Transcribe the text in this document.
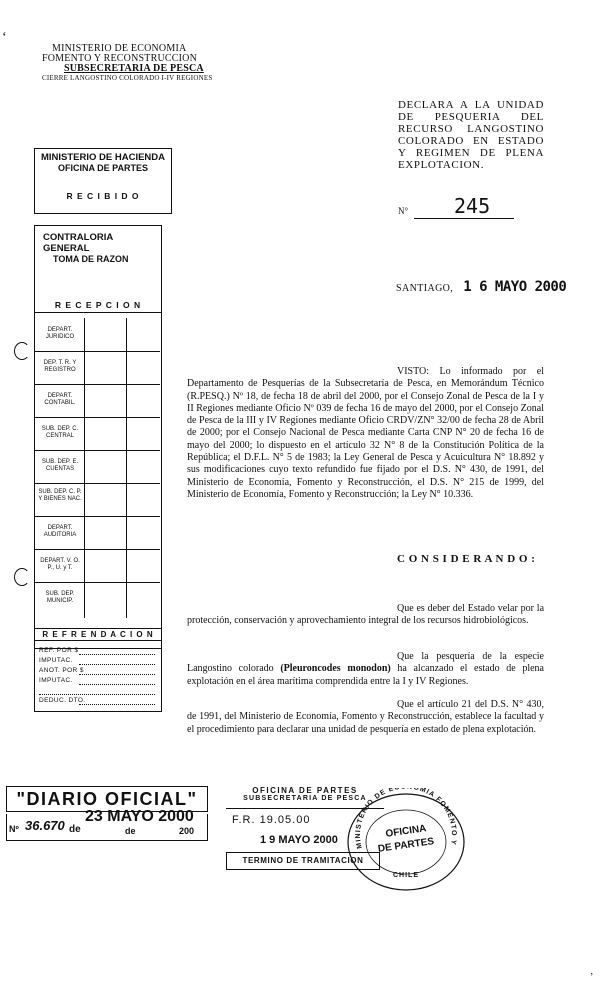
‘
MINISTERIO DE ECONOMIA
FOMENTO Y RECONSTRUCCION
SUBSECRETARIA DE PESCA
CIERRE LANGOSTINO COLORADO I-IV REGIONES
DECLARA A LA UNIDAD DE PESQUERIA DEL RECURSO LANGOSTINO COLORADO EN ESTADO Y REGIMEN DE PLENA EXPLOTACION.
N° 245
SANTIAGO, 1 6 MAYO 2000
MINISTERIO DE HACIENDA
OFICINA DE PARTES
R E C I B I D O
CONTRALORIA GENERAL
TOMA DE RAZON
R E C E P C I O N
DEPART. JURIDICO
DEP. T. R. Y REGISTRO
DEPART. CONTABIL.
SUB. DEP. C. CENTRAL
SUB. DEP. E. CUENTAS
SUB. DEP. C. P. Y BIENES NAC.
DEPART. AUDITORIA
DEPART. V. O. P., U. y T.
SUB. DEP. MUNICIP.
R E F R E N D A C I O N
REF. POR $
IMPUTAC.
ANOT. POR $
IMPUTAC.
DEDUC. DTO.
VISTO: Lo informado por el Departamento de Pesquerías de la Subsecretaría de Pesca, en Memorándum Técnico (R.PESQ.) Nº 18, de fecha 18 de abril del 2000, por el Consejo Zonal de Pesca de la I y II Regiones mediante Oficio Nº 039 de fecha 16 de mayo del 2000, por el Consejo Zonal de Pesca de la III y IV Regiones mediante Oficio CRDV/ZN° 32/00 de fecha 28 de Abril de 2000; por el Consejo Nacional de Pesca mediante Carta CNP N° 20 de fecha 16 de mayo del 2000; lo dispuesto en el artículo 32 N° 8 de la Constitución Política de la República; el D.F.L. N° 5 de 1983; la Ley General de Pesca y Acuicultura N° 18.892 y sus modificaciones cuyo texto refundido fue fijado por el D.S. N° 430, de 1991, del Ministerio de Economía, Fomento y Reconstrucción, el D.S. N° 215 de 1999, del Ministerio de Economía, Fomento y Reconstrucción; la Ley N° 10.336.
C O N S I D E R A N D O :
Que es deber del Estado velar por la protección, conservación y aprovechamiento integral de los recursos hidrobiológicos.
Que la pesquería de la especie Langostino colorado (Pleuroncodes monodon) ha alcanzado el estado de plena explotación en el área marítima comprendida entre la I y IV Regiones.
Que el artículo 21 del D.S. N° 430, de 1991, del Ministerio de Economía, Fomento y Reconstrucción, establece la facultad y el procedimiento para declarar una unidad de pesquería en estado de plena explotación.
"DIARIO OFICIAL"
Nº 36.670 de
23 MAYO 2000
de	200
OFICINA DE PARTES
SUBSECRETARIA DE PESCA
F.R. 19.05.00
1 9 MAYO 2000
TERMINO DE TRAMITACION
MINISTERIO DE E OMIA FOMENTO Y
OFICINA
DE PARTES
CHILE
’
